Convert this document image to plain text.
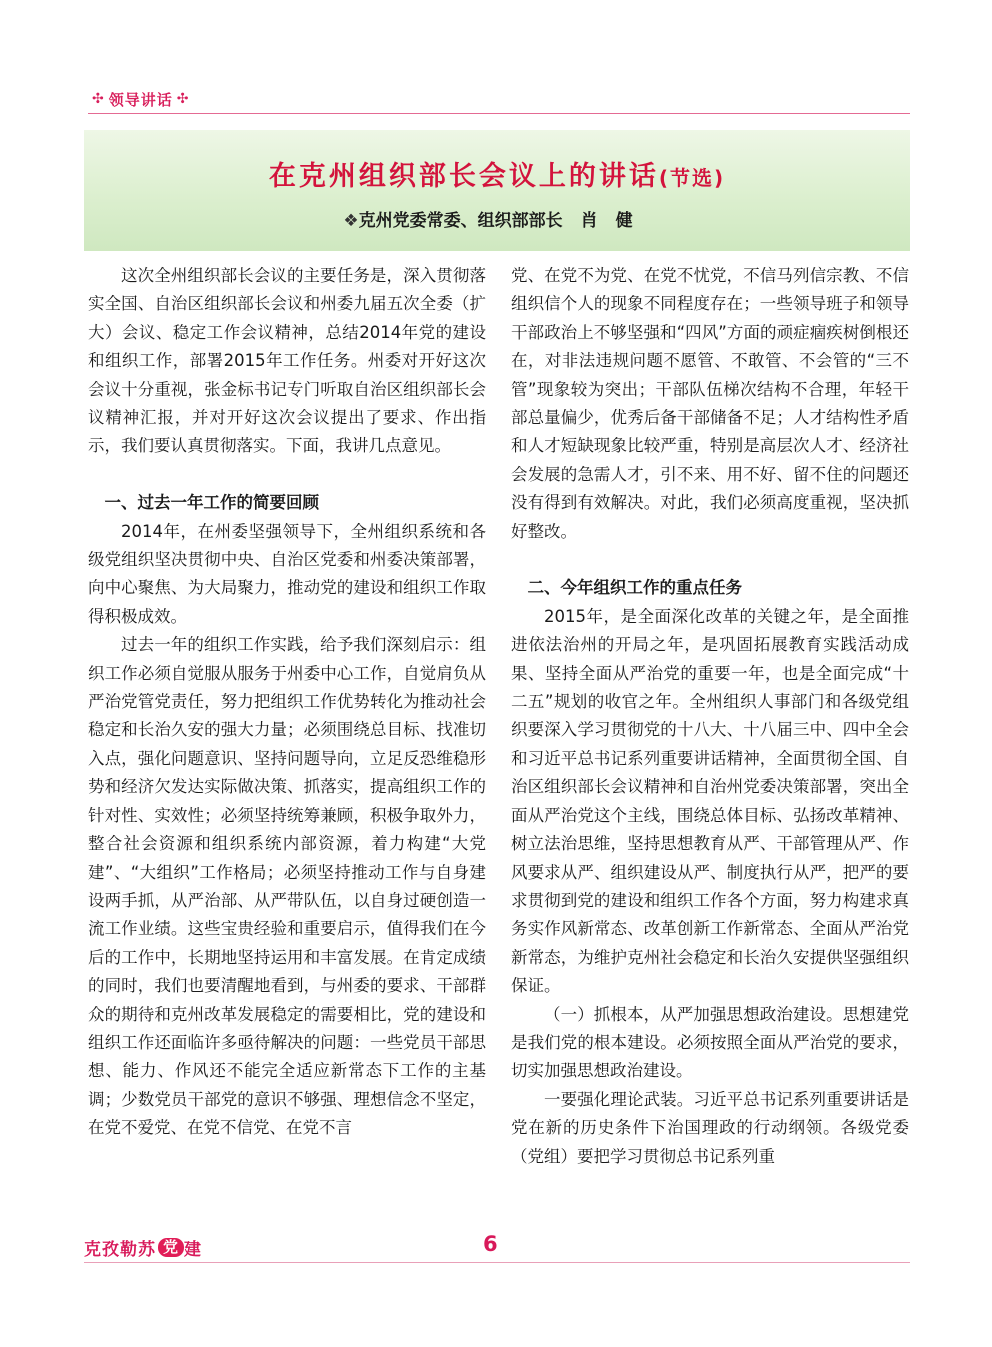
✣ 领导讲话 ✣
在克州组织部长会议上的讲话(节选)
❖克州党委常委、组织部部长 肖健

这次全州组织部长会议的主要任务是，深入贯彻落实全国、自治区组织部长会议和州委九届五次全委（扩大）会议、稳定工作会议精神，总结2014年党的建设和组织工作，部署2015年工作任务。州委对开好这次会议十分重视，张金标书记专门听取自治区组织部长会议精神汇报，并对开好这次会议提出了要求、作出指示，我们要认真贯彻落实。下面，我讲几点意见。

一、过去一年工作的简要回顾

2014年，在州委坚强领导下，全州组织系统和各级党组织坚决贯彻中央、自治区党委和州委决策部署，向中心聚焦、为大局聚力，推动党的建设和组织工作取得积极成效。

过去一年的组织工作实践，给予我们深刻启示：组织工作必须自觉服从服务于州委中心工作，自觉肩负从严治党管党责任，努力把组织工作优势转化为推动社会稳定和长治久安的强大力量；必须围绕总目标、找准切入点，强化问题意识、坚持问题导向，立足反恐维稳形势和经济欠发达实际做决策、抓落实，提高组织工作的针对性、实效性；必须坚持统筹兼顾，积极争取外力，整合社会资源和组织系统内部资源，着力构建“大党建”、“大组织”工作格局；必须坚持推动工作与自身建设两手抓，从严治部、从严带队伍，以自身过硬创造一流工作业绩。这些宝贵经验和重要启示，值得我们在今后的工作中，长期地坚持运用和丰富发展。在肯定成绩的同时，我们也要清醒地看到，与州委的要求、干部群众的期待和克州改革发展稳定的需要相比，党的建设和组织工作还面临许多亟待解决的问题：一些党员干部思想、能力、作风还不能完全适应新常态下工作的主基调；少数党员干部党的意识不够强、理想信念不坚定，在党不爱党、在党不信党、在党不言

党、在党不为党、在党不忧党，不信马列信宗教、不信组织信个人的现象不同程度存在；一些领导班子和领导干部政治上不够坚强和“四风”方面的顽症痼疾树倒根还在，对非法违规问题不愿管、不敢管、不会管的“三不管”现象较为突出；干部队伍梯次结构不合理，年轻干部总量偏少，优秀后备干部储备不足；人才结构性矛盾和人才短缺现象比较严重，特别是高层次人才、经济社会发展的急需人才，引不来、用不好、留不住的问题还没有得到有效解决。对此，我们必须高度重视，坚决抓好整改。

二、今年组织工作的重点任务

2015年，是全面深化改革的关键之年，是全面推进依法治州的开局之年，是巩固拓展教育实践活动成果、坚持全面从严治党的重要一年，也是全面完成“十二五”规划的收官之年。全州组织人事部门和各级党组织要深入学习贯彻党的十八大、十八届三中、四中全会和习近平总书记系列重要讲话精神，全面贯彻全国、自治区组织部长会议精神和自治州党委决策部署，突出全面从严治党这个主线，围绕总体目标、弘扬改革精神、树立法治思维，坚持思想教育从严、干部管理从严、作风要求从严、组织建设从严、制度执行从严，把严的要求贯彻到党的建设和组织工作各个方面，努力构建求真务实作风新常态、改革创新工作新常态、全面从严治党新常态，为维护克州社会稳定和长治久安提供坚强组织保证。

（一）抓根本，从严加强思想政治建设。思想建党是我们党的根本建设。必须按照全面从严治党的要求，切实加强思想政治建设。

一要强化理论武装。习近平总书记系列重要讲话是党在新的历史条件下治国理政的行动纲领。各级党委（党组）要把学习贯彻总书记系列重

克孜勒苏 党 建	6
